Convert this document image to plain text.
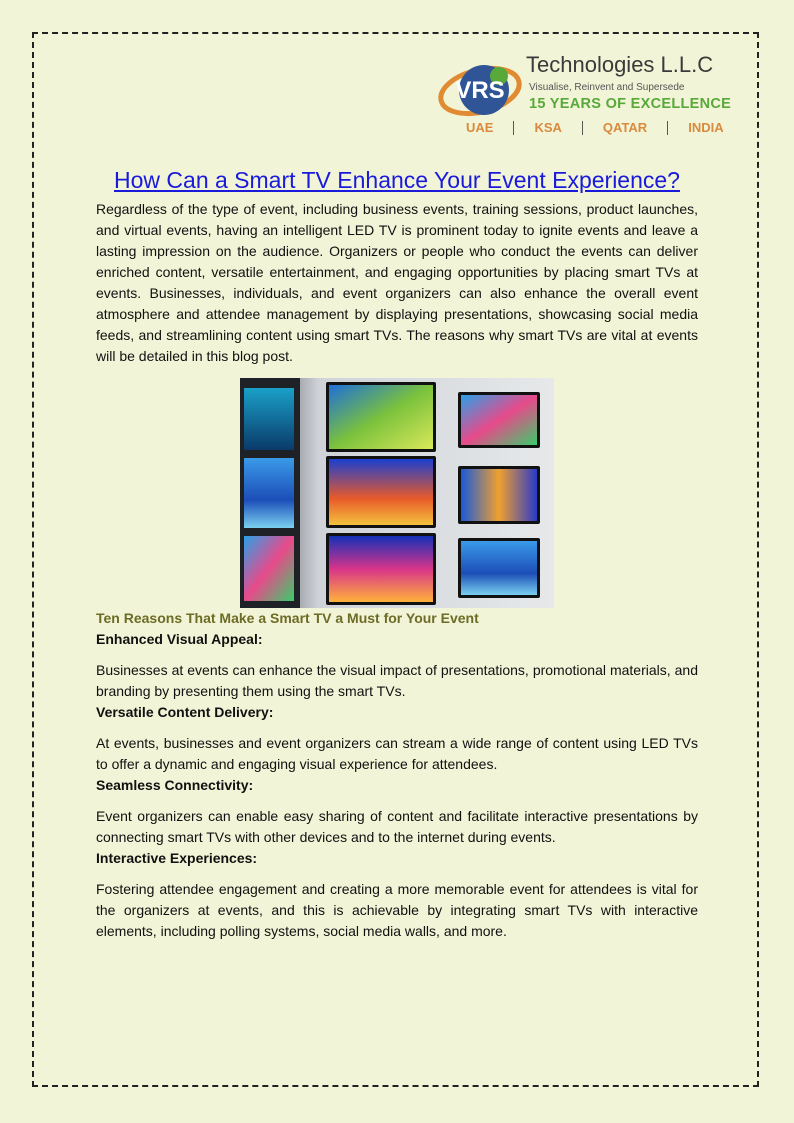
VRS
Technologies L.L.C
Visualise, Reinvent and Supersede
15 YEARS OF EXCELLENCE
UAE	KSA	QATAR	INDIA
How Can a Smart TV Enhance Your Event Experience?

Regardless of the type of event, including business events, training sessions, product launches, and virtual events, having an intelligent LED TV is prominent today to ignite events and leave a lasting impression on the audience. Organizers or people who conduct the events can deliver enriched content, versatile entertainment, and engaging opportunities by placing smart TVs at events. Businesses, individuals, and event organizers can also enhance the overall event atmosphere and attendee management by displaying presentations, showcasing social media feeds, and streamlining content using smart TVs. The reasons why smart TVs are vital at events will be detailed in this blog post.

Ten Reasons That Make a Smart TV a Must for Your Event

Enhanced Visual Appeal:

Businesses at events can enhance the visual impact of presentations, promotional materials, and branding by presenting them using the smart TVs.

Versatile Content Delivery:

At events, businesses and event organizers can stream a wide range of content using LED TVs to offer a dynamic and engaging visual experience for attendees.

Seamless Connectivity:

Event organizers can enable easy sharing of content and facilitate interactive presentations by connecting smart TVs with other devices and to the internet during events.

Interactive Experiences:

Fostering attendee engagement and creating a more memorable event for attendees is vital for the organizers at events, and this is achievable by integrating smart TVs with interactive elements, including polling systems, social media walls, and more.
